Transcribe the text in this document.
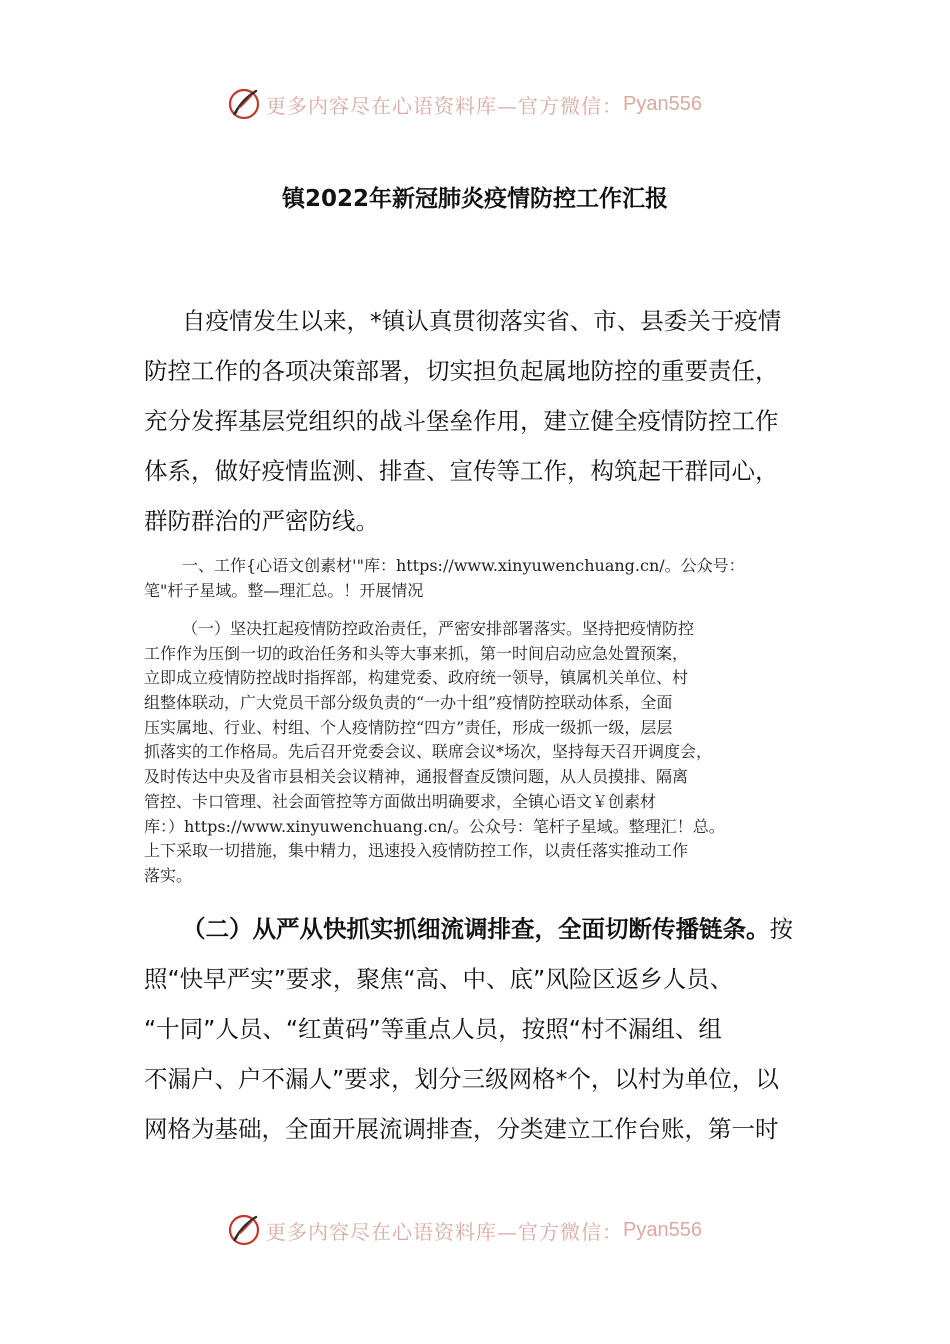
更多内容尽在心语资料库—官方微信： Pyan556
镇2022年新冠肺炎疫情防控工作汇报
自疫情发生以来，*镇认真贯彻落实省、市、县委关于疫情
防控工作的各项决策部署，切实担负起属地防控的重要责任，
充分发挥基层党组织的战斗堡垒作用，建立健全疫情防控工作
体系，做好疫情监测、排查、宣传等工作，构筑起干群同心，
群防群治的严密防线。
一、工作{心语文创素材'"库：https://www.xinyuwenchuang.cn/。公众号：
笔"杆子星域。整—理汇总。！开展情况
（一）坚决扛起疫情防控政治责任，严密安排部署落实。坚持把疫情防控
工作作为压倒一切的政治任务和头等大事来抓，第一时间启动应急处置预案，
立即成立疫情防控战时指挥部，构建党委、政府统一领导，镇属机关单位、村
组整体联动，广大党员干部分级负责的“一办十组”疫情防控联动体系，全面
压实属地、行业、村组、个人疫情防控“四方”责任，形成一级抓一级，层层
抓落实的工作格局。先后召开党委会议、联席会议*场次，坚持每天召开调度会，
及时传达中央及省市县相关会议精神，通报督查反馈问题，从人员摸排、隔离
管控、卡口管理、社会面管控等方面做出明确要求，全镇心语文￥创素材
库：）https://www.xinyuwenchuang.cn/。公众号：笔杆子星域。整理汇！总。
上下采取一切措施，集中精力，迅速投入疫情防控工作，以责任落实推动工作
落实。
（二）从严从快抓实抓细流调排查，全面切断传播链条。按
照“快早严实”要求，聚焦“高、中、底”风险区返乡人员、
“十同”人员、“红黄码”等重点人员，按照“村不漏组、组
不漏户、户不漏人”要求，划分三级网格*个，以村为单位，以
网格为基础，全面开展流调排查，分类建立工作台账，第一时
更多内容尽在心语资料库—官方微信： Pyan556
